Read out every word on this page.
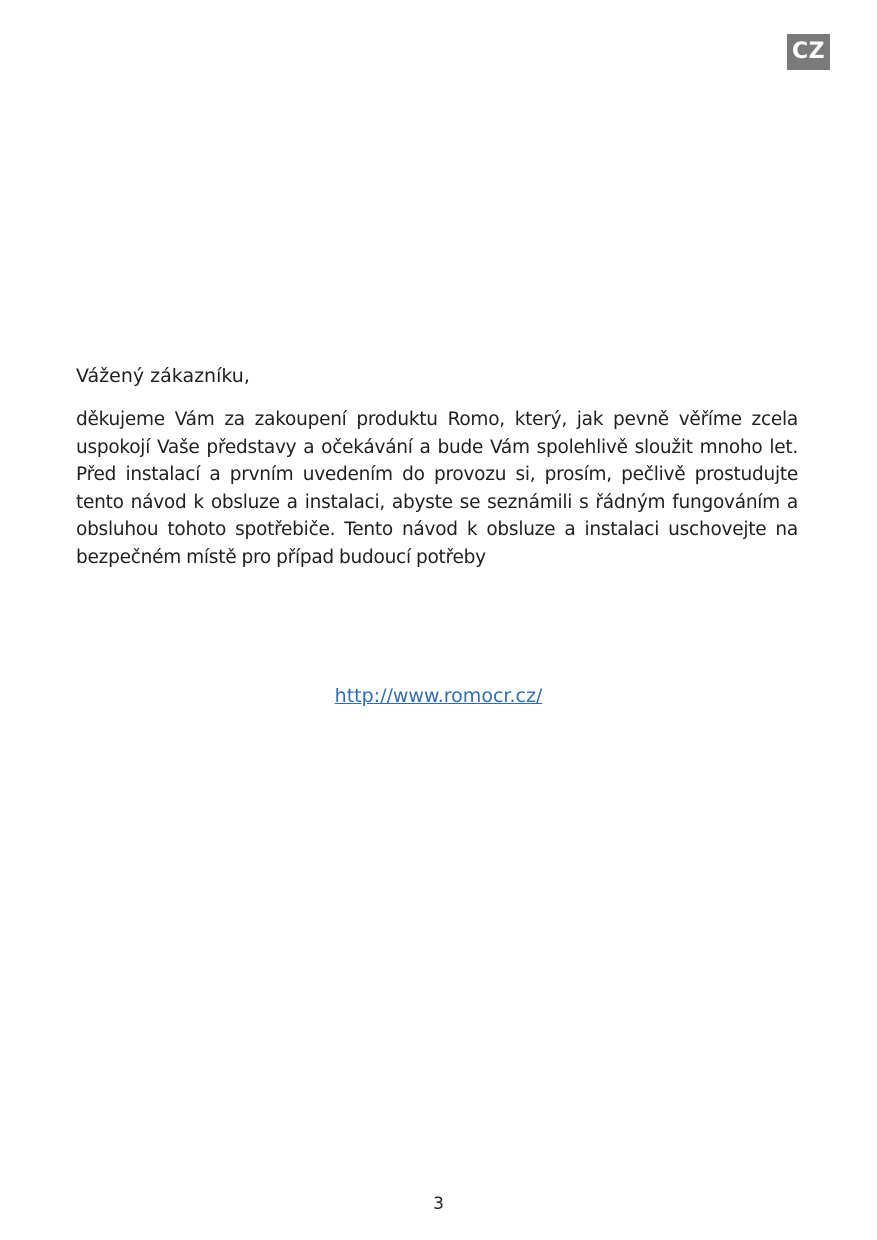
CZ

Vážený zákazníku,

děkujeme Vám za zakoupení produktu Romo, který, jak pevně věříme zcela uspokojí Vaše představy a očekávání a bude Vám spolehlivě sloužit mnoho let. Před instalací a prvním uvedením do provozu si, prosím, pečlivě prostudujte tento návod k obsluze a instalaci, abyste se seznámili s řádným fungováním a obsluhou tohoto spotřebiče. Tento návod k obsluze a instalaci uschovejte na bezpečném místě pro případ budoucí potřeby

http://www.romocr.cz/
3
